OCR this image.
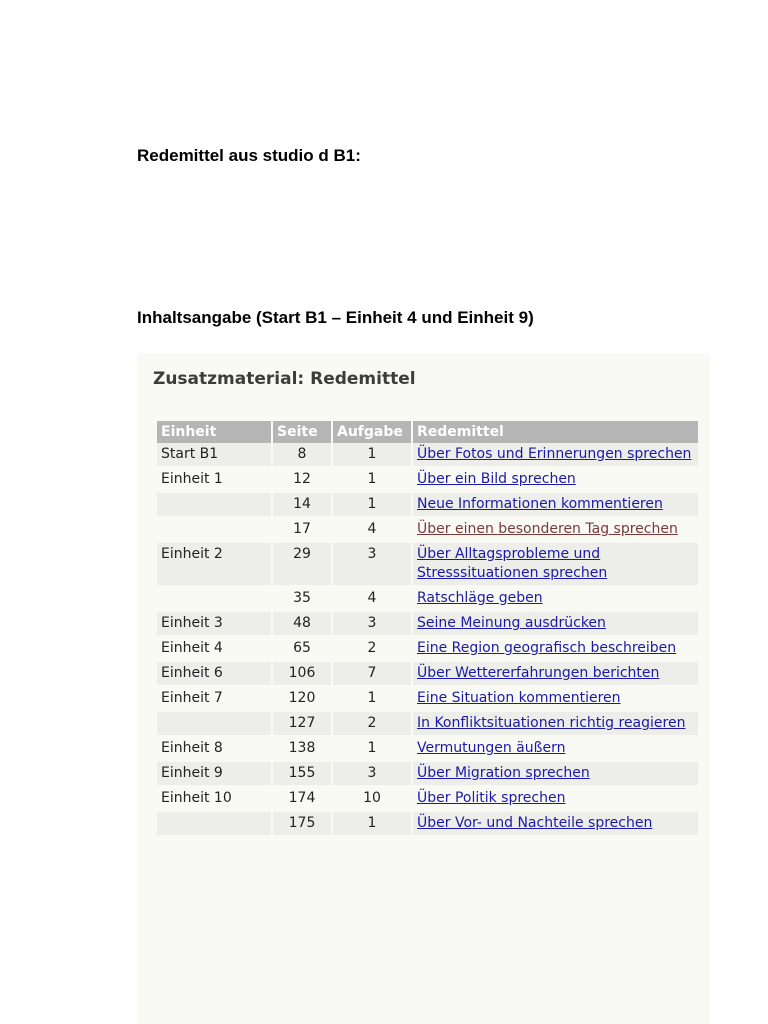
Redemittel aus studio d B1:
Inhaltsangabe (Start B1 – Einheit 4 und Einheit 9)
Zusatzmaterial: Redemittel
Einheit	Seite	Aufgabe	Redemittel
Start B1	8	1	Über Fotos und Erinnerungen sprechen
Einheit 1	12	1	Über ein Bild sprechen
	14	1	Neue Informationen kommentieren
	17	4	Über einen besonderen Tag sprechen
Einheit 2	29	3	Über Alltagsprobleme und Stresssituationen sprechen
	35	4	Ratschläge geben
Einheit 3	48	3	Seine Meinung ausdrücken
Einheit 4	65	2	Eine Region geografisch beschreiben
Einheit 6	106	7	Über Wettererfahrungen berichten
Einheit 7	120	1	Eine Situation kommentieren
	127	2	In Konfliktsituationen richtig reagieren
Einheit 8	138	1	Vermutungen äußern
Einheit 9	155	3	Über Migration sprechen
Einheit 10	174	10	Über Politik sprechen
	175	1	Über Vor- und Nachteile sprechen
